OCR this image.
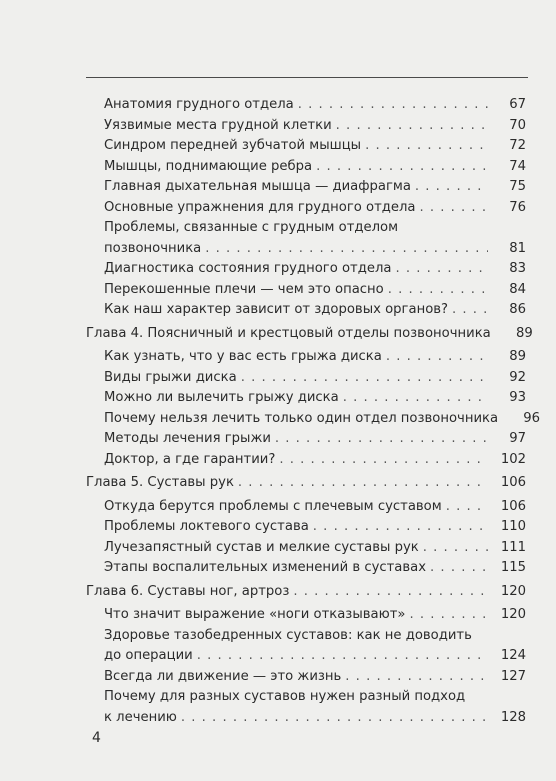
Анатомия грудного отдела . . .	67
Уязвимые места грудной клетки . . .	70
Синдром передней зубчатой мышцы . . .	72
Мышцы, поднимающие ребра . . .	74
Главная дыхательная мышца — диафрагма . . .	75
Основные упражнения для грудного отдела . . .	76
Проблемы, связанные с грудным отделом
позвоночника . . .	81
Диагностика состояния грудного отдела . . .	83
Перекошенные плечи — чем это опасно . . .	84
Как наш характер зависит от здоровых органов? . . .	86
Глава 4. Поясничный и крестцовый отделы позвоночника	89
Как узнать, что у вас есть грыжа диска . . .	89
Виды грыжи диска . . .	92
Можно ли вылечить грыжу диска . . .	93
Почему нельзя лечить только один отдел позвоночника	96
Методы лечения грыжи . . .	97
Доктор, а где гарантии? . . .	102
Глава 5. Суставы рук . . .	106
Откуда берутся проблемы с плечевым суставом . . .	106
Проблемы локтевого сустава . . .	110
Лучезапястный сустав и мелкие суставы рук . . .	111
Этапы воспалительных изменений в суставах . . .	115
Глава 6. Суставы ног, артроз . . .	120
Что значит выражение «ноги отказывают» . . .	120
Здоровье тазобедренных суставов: как не доводить
до операции . . .	124
Всегда ли движение — это жизнь . . .	127
Почему для разных суставов нужен разный подход
к лечению . . .	128
4
